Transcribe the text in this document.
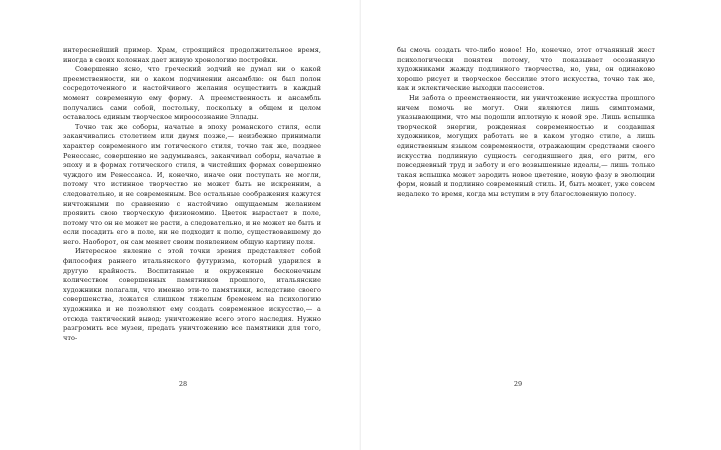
интереснейший пример. Храм, строящийся продолжительное время, иногда в своих колоннах дает живую хронологию постройки.

Совершенно ясно, что греческий зодчий не думал ни о какой преемственности, ни о каком подчинении ансамблю: он был полон сосредоточенного и настойчивого желания осуществить в каждый момент современную ему форму. А преемственность и ансамбль получались сами собой, постольку, поскольку в общем и целом оставалось единым творческое мироосознание Эллады.

Точно так же соборы, начатые в эпоху романского стиля, если заканчивались столетием или двумя позже,— неизбежно принимали характер современного им готического стиля, точно так же, позднее Ренессанс, совершенно не задумываясь, заканчивал соборы, начатые в эпоху и в формах готического стиля, в чистейших формах совершенно чуждого им Ренессанса. И, конечно, иначе они поступать не могли, потому что истинное творчество не может быть не искренним, а следовательно, и не современным. Все остальные соображения кажутся ничтожными по сравнению с настойчиво ощущаемым желанием проявить свою творческую физиономию. Цветок вырастает в поле, потому что он не может не расти, а следовательно, и не может не быть и если посадить его в поле, ни не подходит к полю, существовавшему до него. Наоборот, он сам меняет своим появлением общую картину поля.

Интересное явление с этой точки зрения представляет собой философия раннего итальянского футуризма, который ударился в другую крайность. Воспитанные и окруженные бесконечным количеством совершенных памятников прошлого, итальянские художники полагали, что именно эти-то памятники, вследствие своего совершенства, ложатся слишком тяжелым бременем на психологию художника и не позволяют ему создать современное искусство,— а отсюда тактический вывод: уничтожение всего этого наследия. Нужно разгромить все музеи, предать уничтожению все памятники для того, что-

28

бы смочь создать что-либо новое! Но, конечно, этот отчаянный жест психологически понятен потому, что показывает осознанную художниками жажду подлинного творчества, но, увы, он одинаково хорошо рисует и творческое бессилие этого искусства, точно так же, как и эклектические выходки пассеистов.

Ни забота о преемственности, ни уничтожение искусства прошлого ничем помочь не могут. Они являются лишь симптомами, указывающими, что мы подошли вплотную к новой эре. Лишь вспышка творческой энергии, рожденная современностью и создавшая художников, могущих работать не в каком угодно стиле, а лишь единственным языком современности, отражающим средствами своего искусства подлинную сущность сегодняшнего дня, его ритм, его повседневный труд и заботу и его возвышенные идеалы,— лишь только такая вспышка может зародить новое цветение, новую фазу в эволюции форм, новый и подлинно современный стиль. И, быть может, уже совсем недалеко то время, когда мы вступим в эту благословенную полосу.

29
